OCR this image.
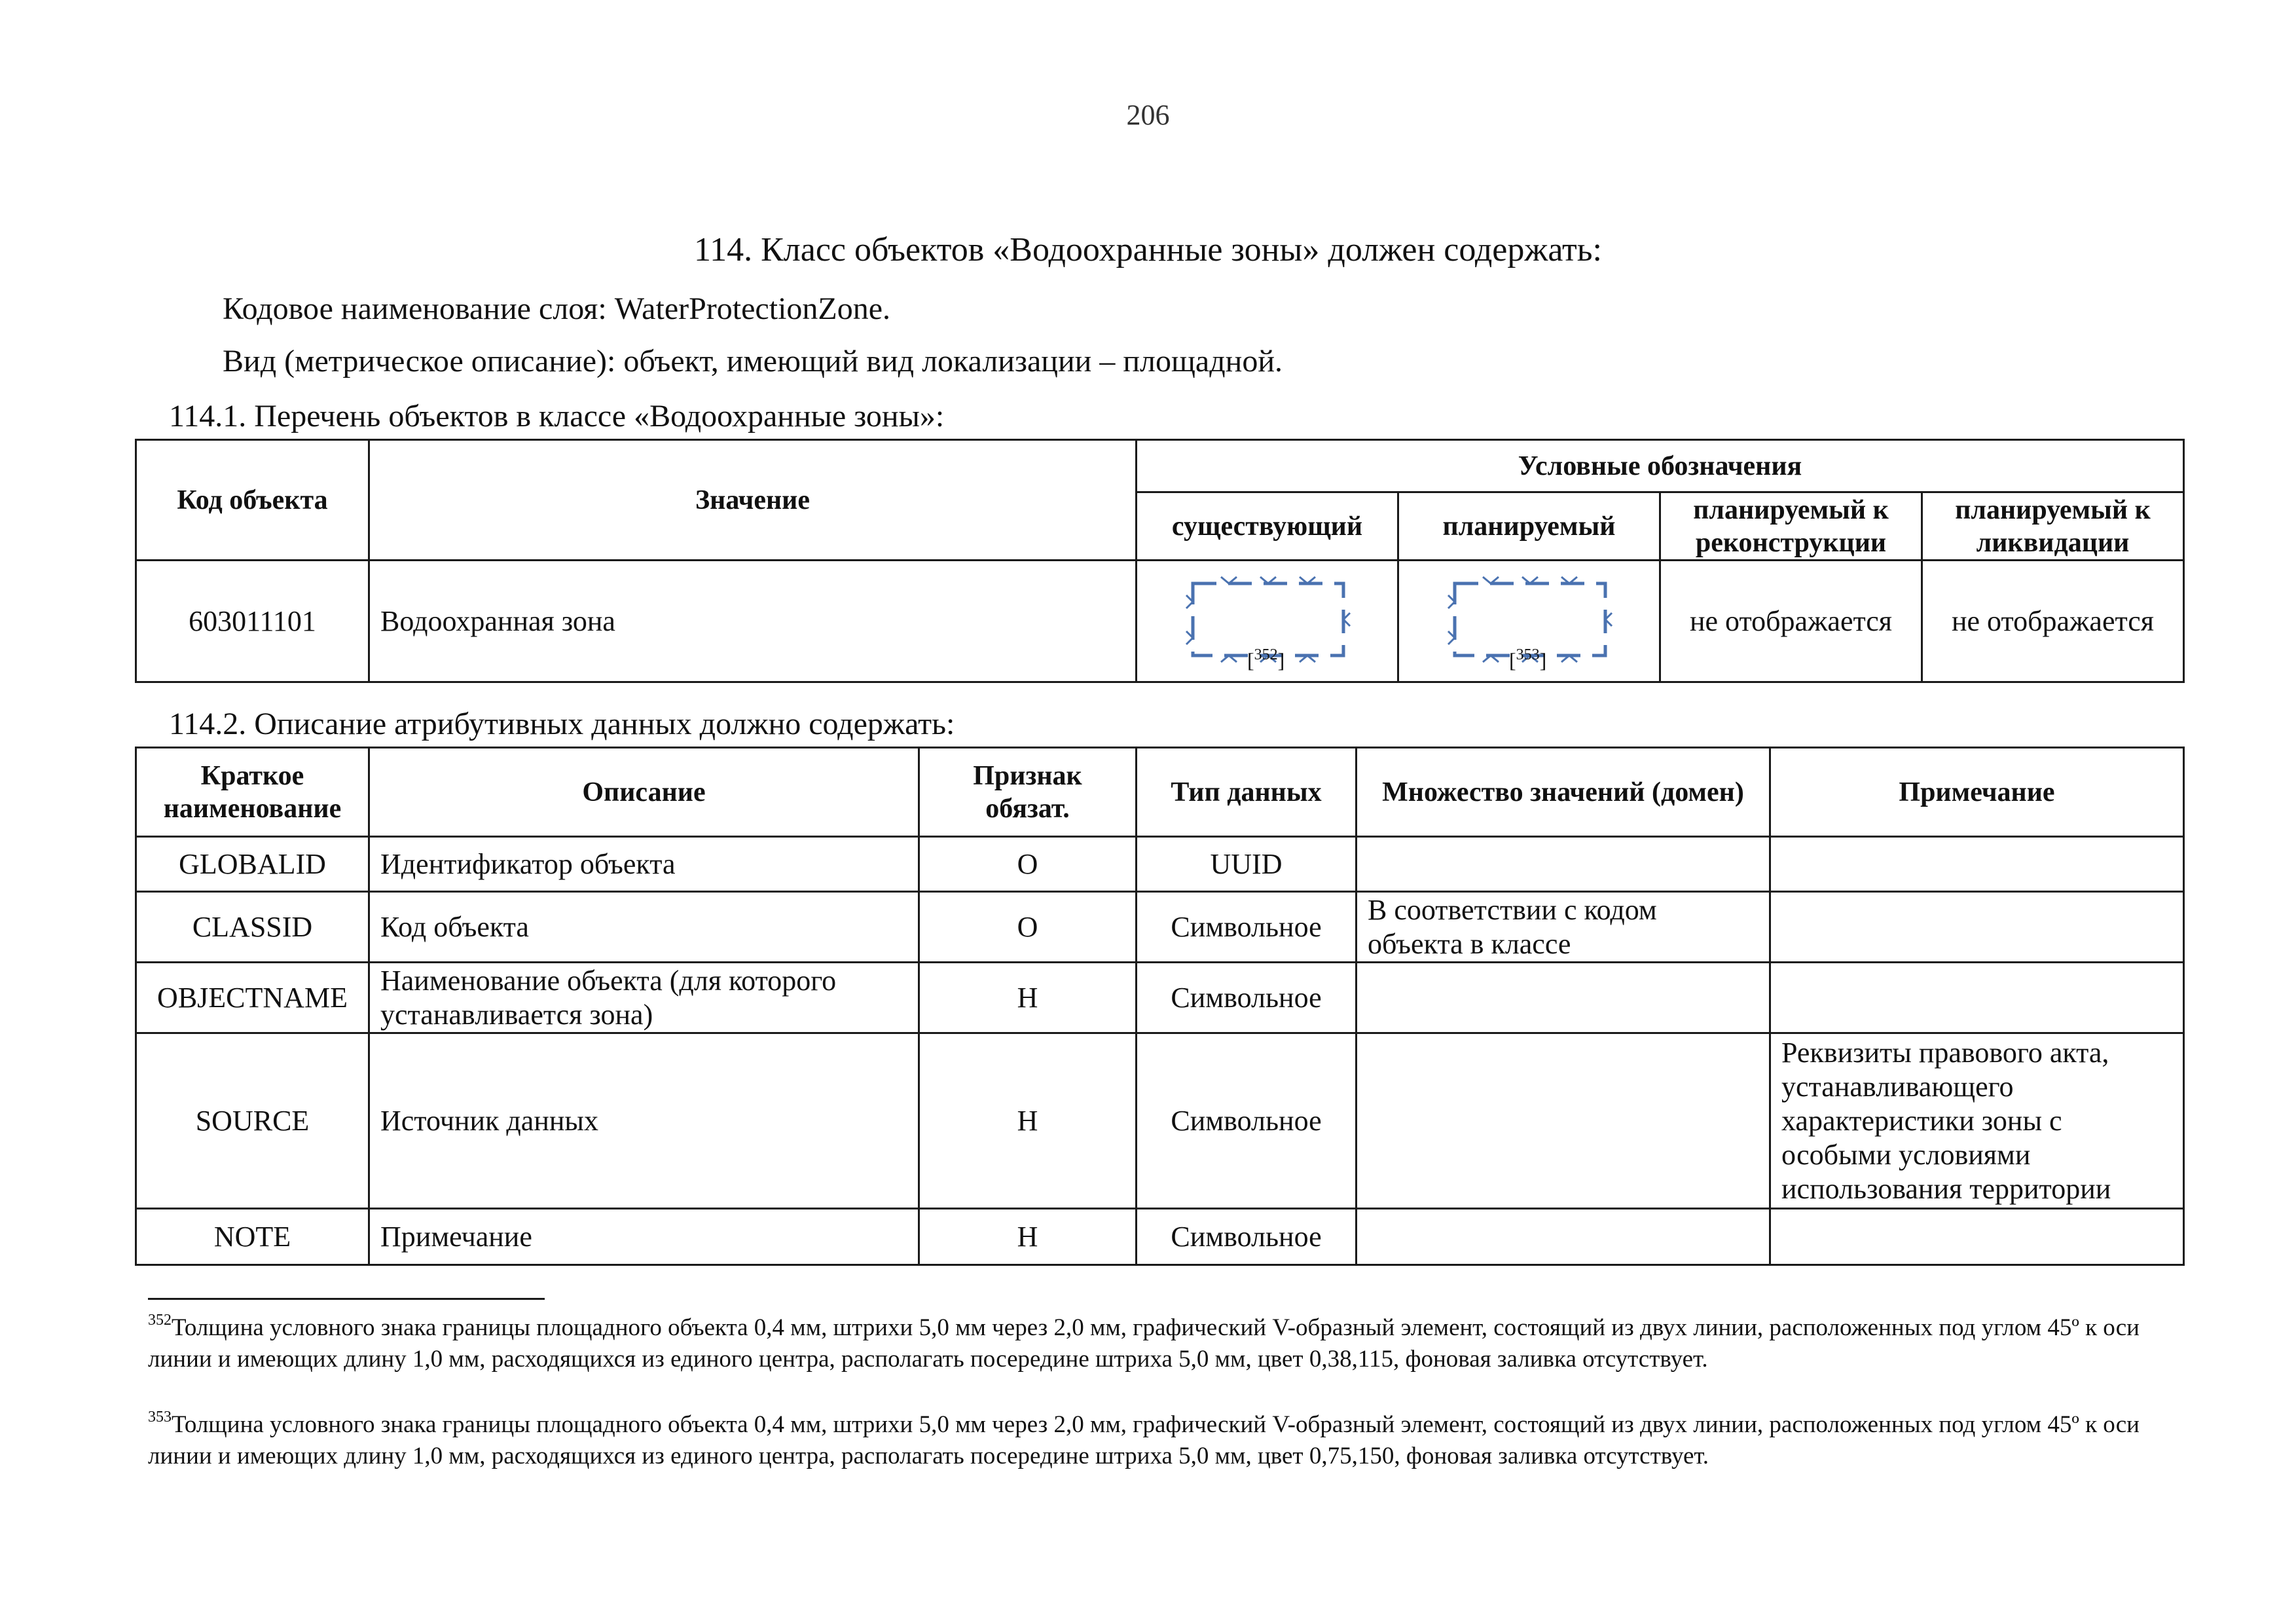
206
114. Класс объектов «Водоохранные зоны» должен содержать:
Кодовое наименование слоя: WaterProtectionZone.
Вид (метрическое описание): объект, имеющий вид локализации – площадной.
114.1. Перечень объектов в классе «Водоохранные зоны»:
Код объекта	Значение	Условные обозначения			
		существующий	планируемый	планируемый к реконструкции	планируемый к ликвидации
603011101	Водоохранная зона	[$^{352}$]	[$^{353}$]	не отображается	не отображается
114.2. Описание атрибутивных данных должно содержать:
Краткое наименование	Описание	Признак обязат.	Тип данных	Множество значений (домен)	Примечание
GLOBALID	Идентификатор объекта	О	UUID		
CLASSID	Код объекта	О	Символьное	В соответствии с кодом объекта в классе	
OBJECTNAME	Наименование объекта (для которого устанавливается зона)	Н	Символьное		
SOURCE	Источник данных	Н	Символьное		Реквизиты правового акта, устанавливающего характеристики зоны с особыми условиями использования территории
NOTE	Примечание	Н	Символьное		
$^{352}$Толщина условного знака границы площадного объекта 0,4 мм, штрихи 5,0 мм через 2,0 мм, графический V-образный элемент, состоящий из двух линии, расположенных под углом 45º к оси линии и имеющих длину 1,0 мм, расходящихся из единого центра, располагать посередине штриха 5,0 мм, цвет 0,38,115, фоновая заливка отсутствует.
$^{353}$Толщина условного знака границы площадного объекта 0,4 мм, штрихи 5,0 мм через 2,0 мм, графический V-образный элемент, состоящий из двух линии, расположенных под углом 45º к оси линии и имеющих длину 1,0 мм, расходящихся из единого центра, располагать посередине штриха 5,0 мм, цвет 0,75,150, фоновая заливка отсутствует.
